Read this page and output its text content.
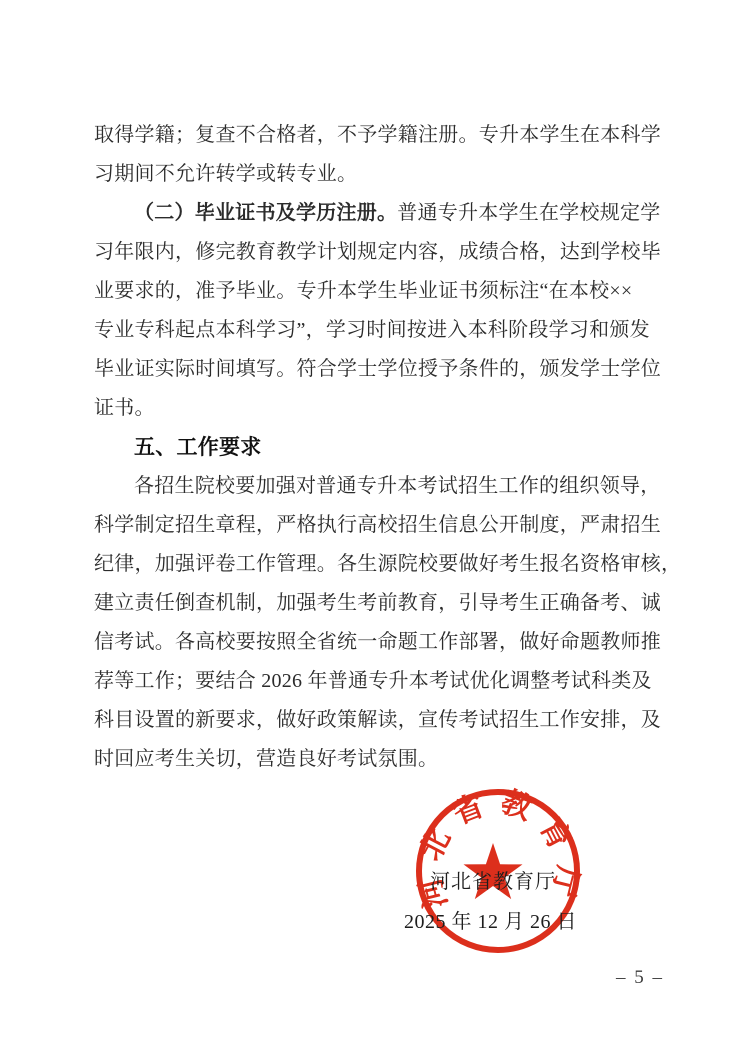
取得学籍；复查不合格者，不予学籍注册。专升本学生在本科学
习期间不允许转学或转专业。
（二）毕业证书及学历注册。普通专升本学生在学校规定学
习年限内，修完教育教学计划规定内容，成绩合格，达到学校毕
业要求的，准予毕业。专升本学生毕业证书须标注“在本校××
专业专科起点本科学习”，学习时间按进入本科阶段学习和颁发
毕业证实际时间填写。符合学士学位授予条件的，颁发学士学位
证书。
五、工作要求
各招生院校要加强对普通专升本考试招生工作的组织领导，
科学制定招生章程，严格执行高校招生信息公开制度，严肃招生
纪律，加强评卷工作管理。各生源院校要做好考生报名资格审核，
建立责任倒查机制，加强考生考前教育，引导考生正确备考、诚
信考试。各高校要按照全省统一命题工作部署，做好命题教师推
荐等工作；要结合 2026 年普通专升本考试优化调整考试科类及
科目设置的新要求，做好政策解读，宣传考试招生工作安排，及
时回应考生关切，营造良好考试氛围。
河北省教育厅
河北省教育厅
2025 年 12 月 26 日
– 5 –
